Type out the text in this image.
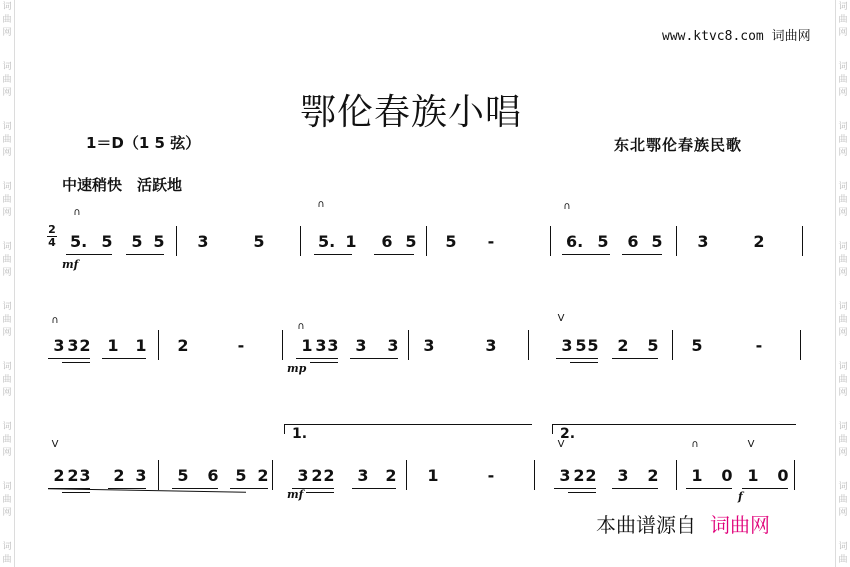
词
曲
网
词
曲
网
词
曲
网
词
曲
网
词
曲
网
词
曲
网
词
曲
网
词
曲
网
词
曲
网
词
曲
词
曲
网
词
曲
网
词
曲
网
词
曲
网
词
曲
网
词
曲
网
词
曲
网
词
曲
网
词
曲
网
词
曲
www.ktvc8.com 词曲网
鄂伦春族小唱
1＝D（1 5 弦）
中速稍快　活跃地
东北鄂伦春族民歌
2
4 5. 5 5 5 3	5	5. 1 6 5 5 -	6. 5 6 5 3	2
3 3 2 1 1 2	-	1 3 3 3 3 3	3	3 5 5 2 5 5	-
2 2 3 2 3 5 6 5 2 3 2 2 3 2 1	-	3 2 2 3 2 1 0 1 0
∩
∩	∩
∩
∩
V
V	V	∩	V
mf
mp
mf	f
1.	2.
本曲谱源自 词曲网
